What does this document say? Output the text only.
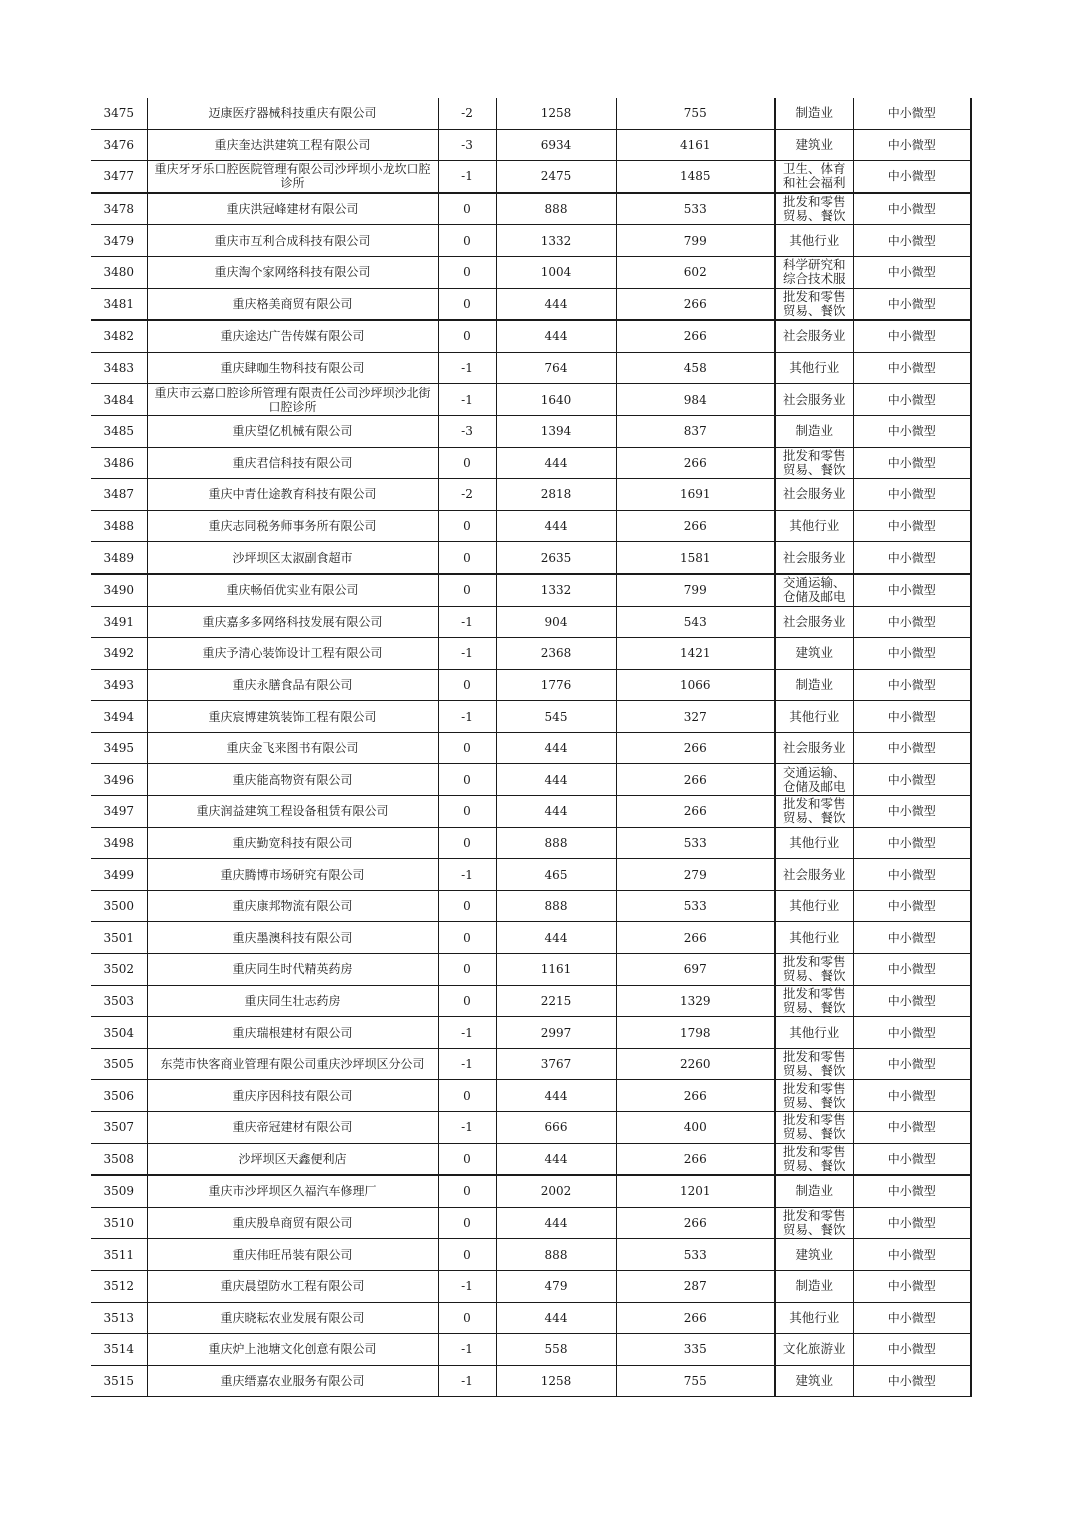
3475	迈康医疗器械科技重庆有限公司	-2	1258	755	制造业	中小微型
3476	重庆奎达洪建筑工程有限公司	-3	6934	4161	建筑业	中小微型
3477	重庆牙牙乐口腔医院管理有限公司沙坪坝小龙坎口腔诊所	-1	2475	1485	卫生、体育和社会福利	中小微型
3478	重庆洪冠峰建材有限公司	0	888	533	批发和零售贸易、餐饮	中小微型
3479	重庆市互利合成科技有限公司	0	1332	799	其他行业	中小微型
3480	重庆淘个家网络科技有限公司	0	1004	602	科学研究和综合技术服	中小微型
3481	重庆格美商贸有限公司	0	444	266	批发和零售贸易、餐饮	中小微型
3482	重庆途达广告传媒有限公司	0	444	266	社会服务业	中小微型
3483	重庆肆咖生物科技有限公司	-1	764	458	其他行业	中小微型
3484	重庆市云嘉口腔诊所管理有限责任公司沙坪坝沙北街口腔诊所	-1	1640	984	社会服务业	中小微型
3485	重庆望亿机械有限公司	-3	1394	837	制造业	中小微型
3486	重庆君信科技有限公司	0	444	266	批发和零售贸易、餐饮	中小微型
3487	重庆中青仕途教育科技有限公司	-2	2818	1691	社会服务业	中小微型
3488	重庆志同税务师事务所有限公司	0	444	266	其他行业	中小微型
3489	沙坪坝区太淑副食超市	0	2635	1581	社会服务业	中小微型
3490	重庆畅佰优实业有限公司	0	1332	799	交通运输、仓储及邮电	中小微型
3491	重庆嘉多多网络科技发展有限公司	-1	904	543	社会服务业	中小微型
3492	重庆予清心装饰设计工程有限公司	-1	2368	1421	建筑业	中小微型
3493	重庆永膳食品有限公司	0	1776	1066	制造业	中小微型
3494	重庆宸博建筑装饰工程有限公司	-1	545	327	其他行业	中小微型
3495	重庆金飞来图书有限公司	0	444	266	社会服务业	中小微型
3496	重庆能高物资有限公司	0	444	266	交通运输、仓储及邮电	中小微型
3497	重庆润益建筑工程设备租赁有限公司	0	444	266	批发和零售贸易、餐饮	中小微型
3498	重庆勤宽科技有限公司	0	888	533	其他行业	中小微型
3499	重庆腾博市场研究有限公司	-1	465	279	社会服务业	中小微型
3500	重庆康邦物流有限公司	0	888	533	其他行业	中小微型
3501	重庆墨澳科技有限公司	0	444	266	其他行业	中小微型
3502	重庆同生时代精英药房	0	1161	697	批发和零售贸易、餐饮	中小微型
3503	重庆同生壮志药房	0	2215	1329	批发和零售贸易、餐饮	中小微型
3504	重庆瑞根建材有限公司	-1	2997	1798	其他行业	中小微型
3505	东莞市快客商业管理有限公司重庆沙坪坝区分公司	-1	3767	2260	批发和零售贸易、餐饮	中小微型
3506	重庆序因科技有限公司	0	444	266	批发和零售贸易、餐饮	中小微型
3507	重庆帝冠建材有限公司	-1	666	400	批发和零售贸易、餐饮	中小微型
3508	沙坪坝区天鑫便利店	0	444	266	批发和零售贸易、餐饮	中小微型
3509	重庆市沙坪坝区久福汽车修理厂	0	2002	1201	制造业	中小微型
3510	重庆殷阜商贸有限公司	0	444	266	批发和零售贸易、餐饮	中小微型
3511	重庆伟旺吊装有限公司	0	888	533	建筑业	中小微型
3512	重庆晨望防水工程有限公司	-1	479	287	制造业	中小微型
3513	重庆晓耘农业发展有限公司	0	444	266	其他行业	中小微型
3514	重庆炉上池塘文化创意有限公司	-1	558	335	文化旅游业	中小微型
3515	重庆缙嘉农业服务有限公司	-1	1258	755	建筑业	中小微型
